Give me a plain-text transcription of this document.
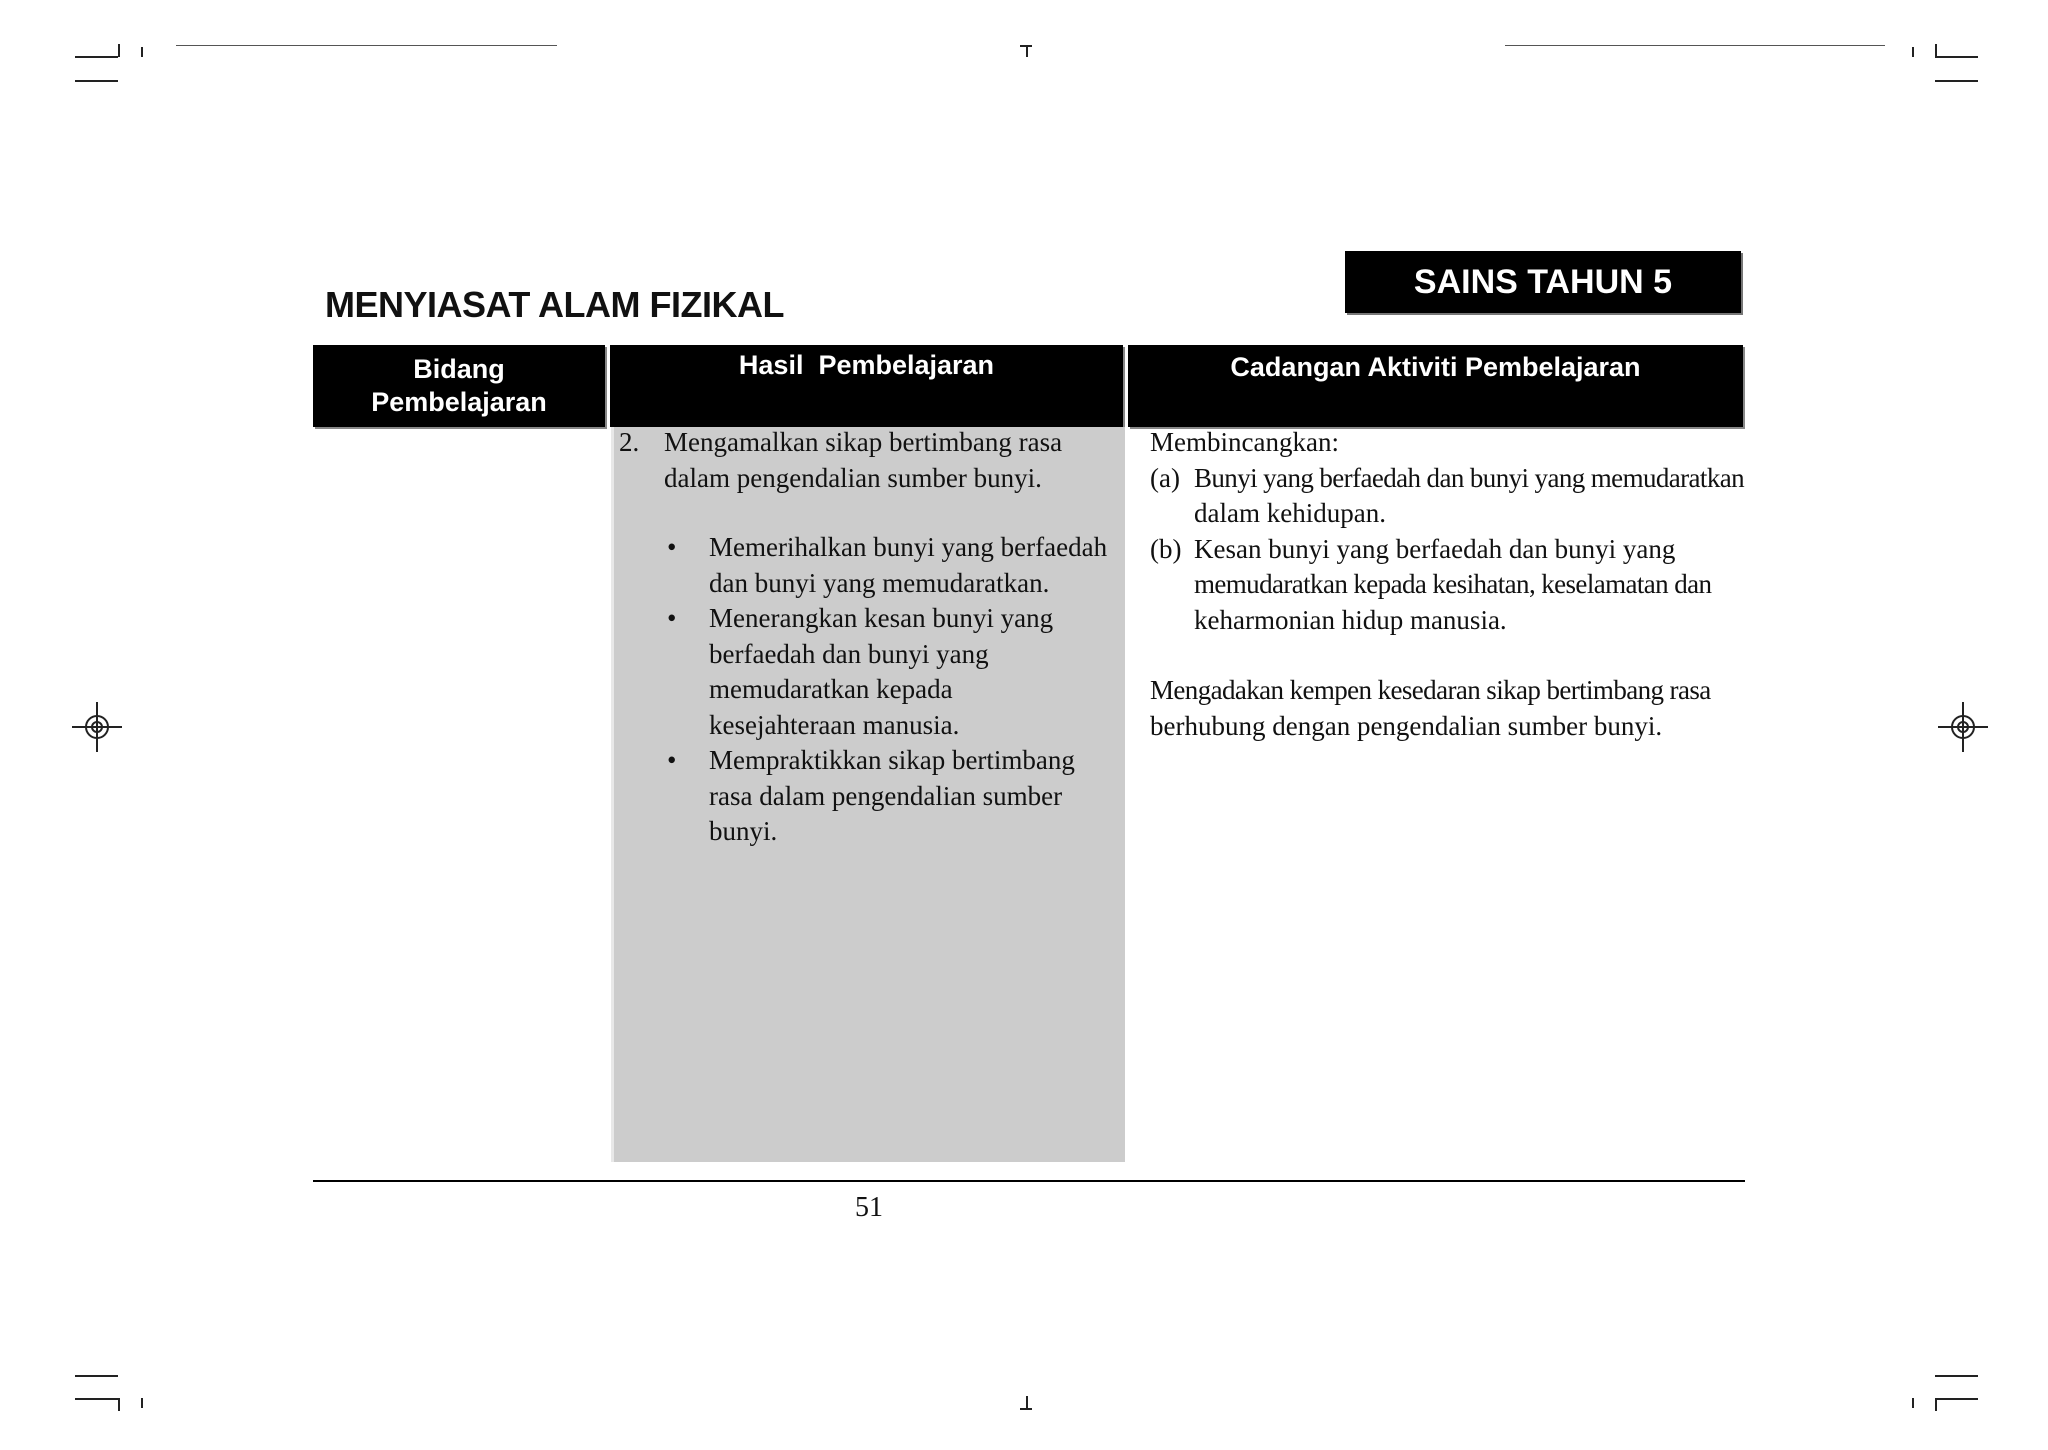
MENYIASAT ALAM FIZIKAL
SAINS TAHUN 5
Bidang
Pembelajaran
Hasil  Pembelajaran	Cadangan Aktiviti Pembelajaran
2. Mengamalkan sikap bertimbang rasa
dalam pengendalian sumber bunyi.
• Memerihalkan bunyi yang berfaedah
dan bunyi yang memudaratkan.
• Menerangkan kesan bunyi yang
berfaedah dan bunyi yang
memudaratkan kepada
kesejahteraan manusia.
• Mempraktikkan sikap bertimbang
rasa dalam pengendalian sumber
bunyi.
Membincangkan:
(a) Bunyi yang berfaedah dan bunyi yang memudaratkan
dalam kehidupan.
(b) Kesan bunyi yang berfaedah dan bunyi yang
memudaratkan kepada kesihatan, keselamatan dan
keharmonian hidup manusia.
Mengadakan kempen kesedaran sikap bertimbang rasa
berhubung dengan pengendalian sumber bunyi.
51
